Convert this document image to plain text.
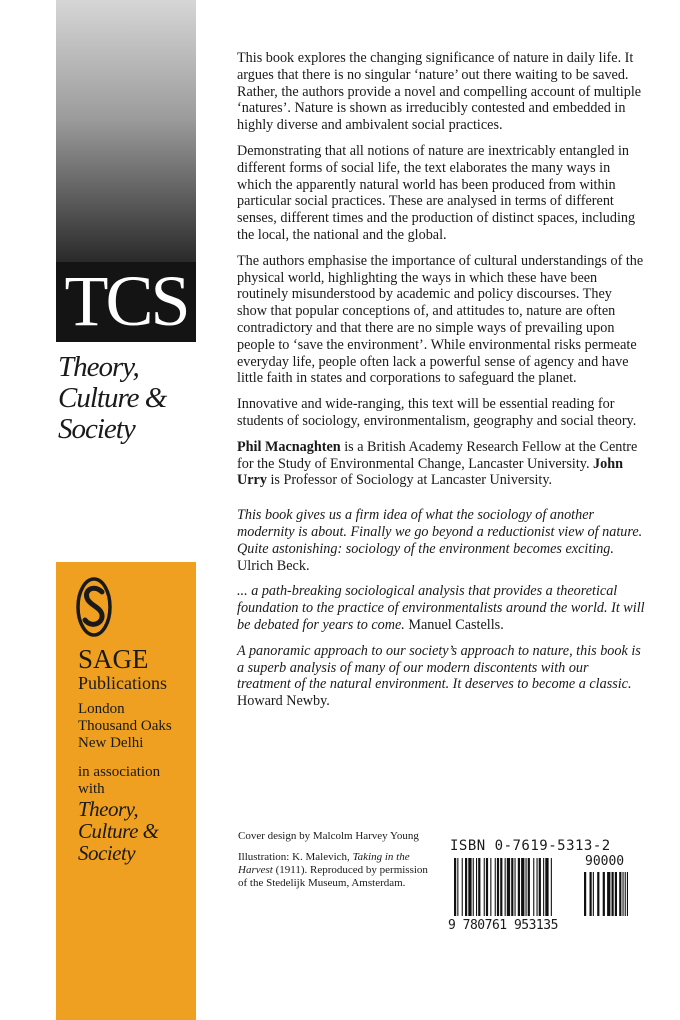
TCS
Theory,
Culture &
Society
SAGE
Publications
London
Thousand Oaks
New Delhi
in association
with
Theory,
Culture &
Society

This book explores the changing significance of nature in daily life. It argues that there is no singular ‘nature’ out there waiting to be saved. Rather, the authors provide a novel and compelling account of multiple ‘natures’. Nature is shown as irreducibly contested and embedded in highly diverse and ambivalent social practices.

Demonstrating that all notions of nature are inextricably entangled in different forms of social life, the text elaborates the many ways in which the apparently natural world has been produced from within particular social practices. These are analysed in terms of different senses, different times and the production of distinct spaces, including the local, the national and the global.

The authors emphasise the importance of cultural understandings of the physical world, highlighting the ways in which these have been routinely misunderstood by academic and policy discourses. They show that popular conceptions of, and attitudes to, nature are often contradictory and that there are no simple ways of prevailing upon people to ‘save the environment’. While environmental risks permeate everyday life, people often lack a powerful sense of agency and have little faith in states and corporations to safeguard the planet.

Innovative and wide-ranging, this text will be essential reading for students of sociology, environmentalism, geography and social theory.

Phil Macnaghten is a British Academy Research Fellow at the Centre for the Study of Environmental Change, Lancaster University. John Urry is Professor of Sociology at Lancaster University.

This book gives us a firm idea of what the sociology of another modernity is about. Finally we go beyond a reductionist view of nature. Quite astonishing: sociology of the environment becomes exciting. Ulrich Beck.

... a path-breaking sociological analysis that provides a theoretical foundation to the practice of environmentalists around the world. It will be debated for years to come. Manuel Castells.

A panoramic approach to our society’s approach to nature, this book is a superb analysis of many of our modern discontents with our treatment of the natural environment. It deserves to become a classic. Howard Newby.

Cover design by Malcolm Harvey Young

Illustration: K. Malevich, Taking in the Harvest (1911). Reproduced by permission of the Stedelijk Museum, Amsterdam.

ISBN 0-7619-5313-2
90000
9 780761 953135
